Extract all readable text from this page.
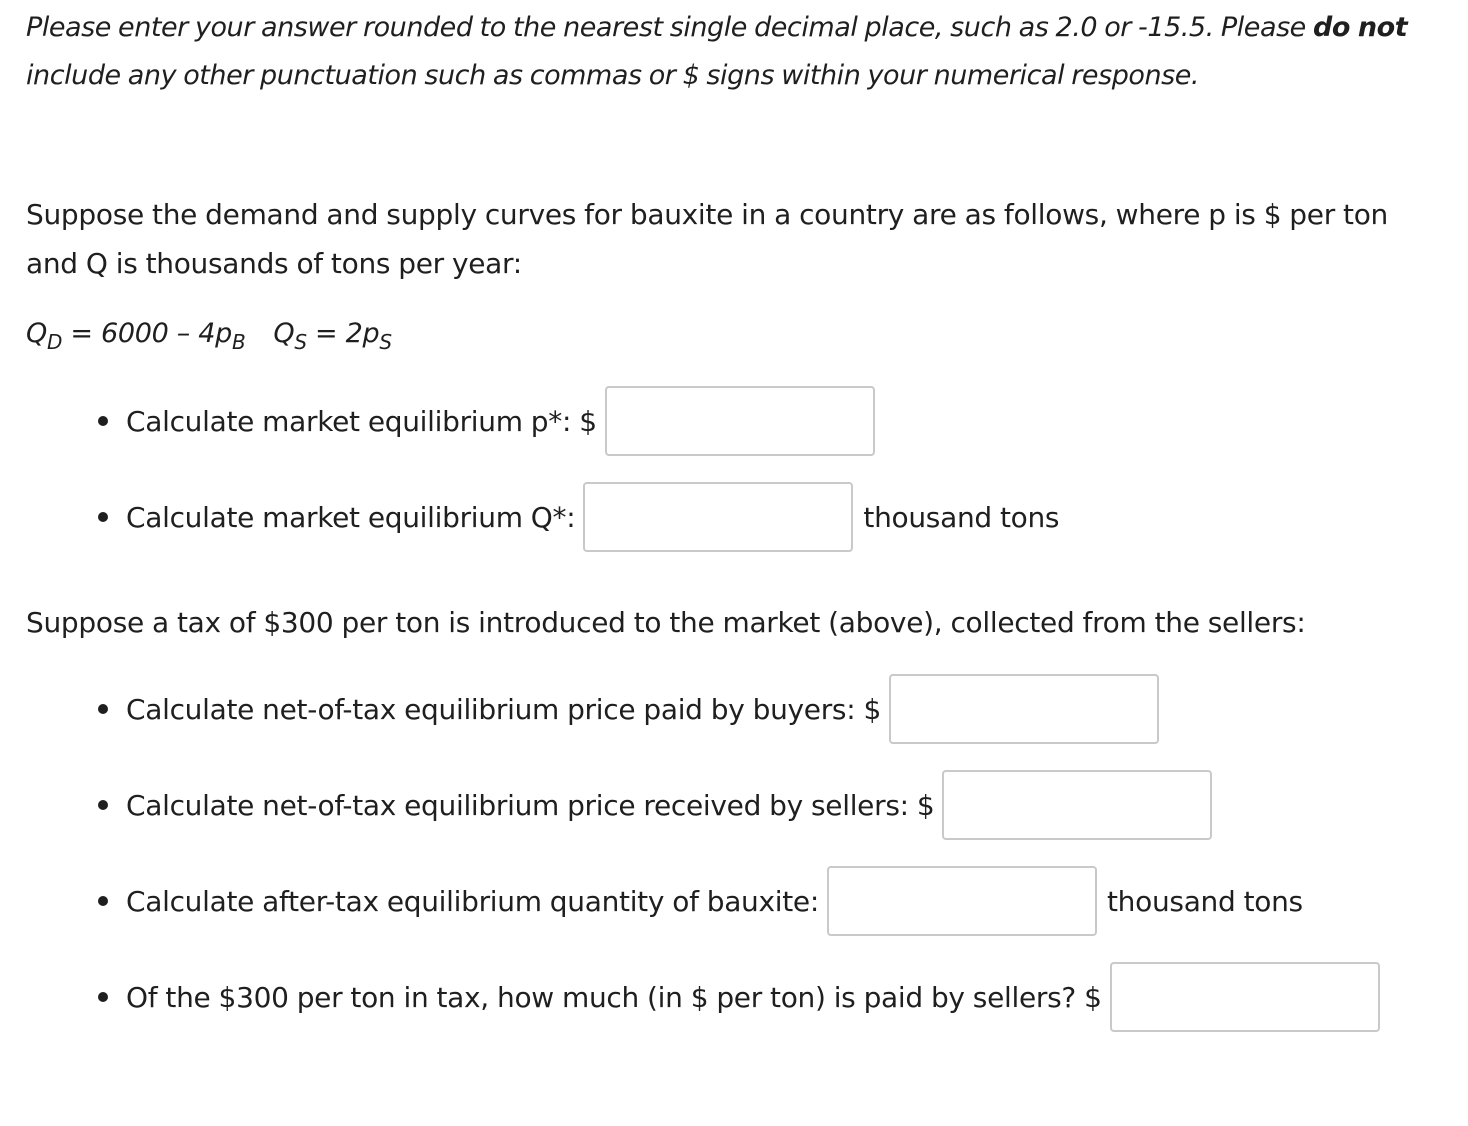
Please enter your answer rounded to the nearest single decimal place, such as 2.0 or -15.5. Please do not
include any other punctuation such as commas or $ signs within your numerical response.
Suppose the demand and supply curves for bauxite in a country are as follows, where p is $ per ton
and Q is thousands of tons per year:
$Q_D = 6000 - 4p_B$ $Q_S = 2p_S$
Calculate market equilibrium p*: $
Calculate market equilibrium Q*:	thousand tons
Suppose a tax of $300 per ton is introduced to the market (above), collected from the sellers:
Calculate net-of-tax equilibrium price paid by buyers: $
Calculate net-of-tax equilibrium price received by sellers: $
Calculate after-tax equilibrium quantity of bauxite:	thousand tons
Of the $300 per ton in tax, how much (in $ per ton) is paid by sellers? $
